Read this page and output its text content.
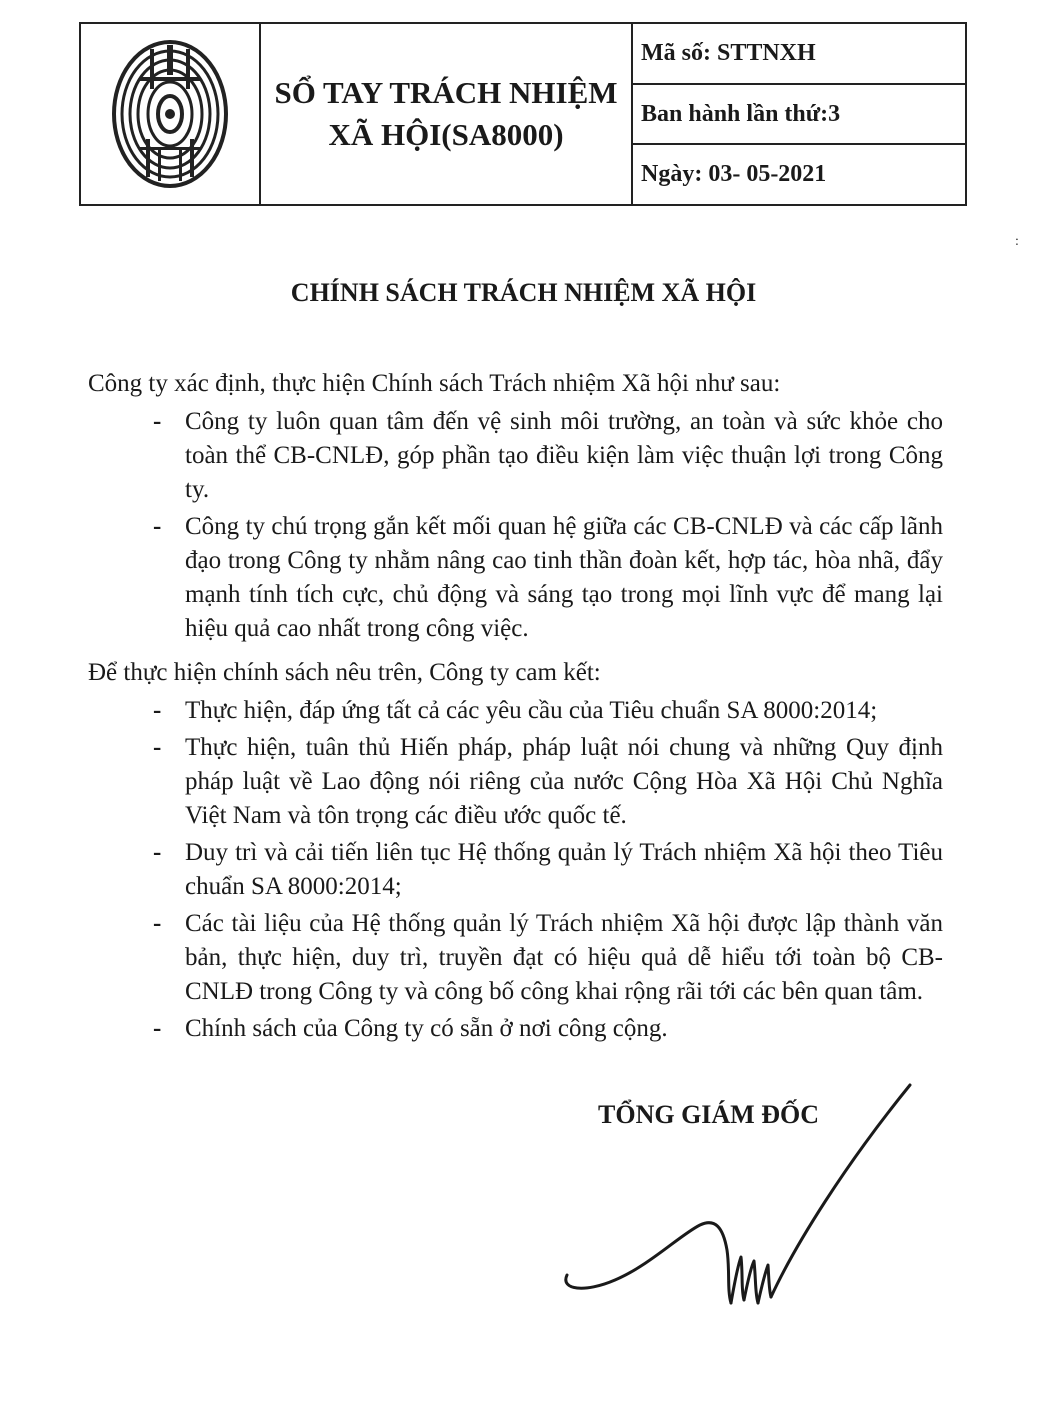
SỔ TAY TRÁCH NHIỆM
XÃ HỘI(SA8000)
Mã số: STTNXH
Ban hành lần thứ:3
Ngày: 03- 05-2021
:
CHÍNH SÁCH TRÁCH NHIỆM XÃ HỘI
Công ty xác định, thực hiện Chính sách Trách nhiệm Xã hội như sau:
- Công ty luôn quan tâm đến vệ sinh môi trường, an toàn và sức khỏe cho toàn thể CB-CNLĐ, góp phần tạo điều kiện làm việc thuận lợi trong Công ty.
- Công ty chú trọng gắn kết mối quan hệ giữa các CB-CNLĐ và các cấp lãnh đạo trong Công ty nhằm nâng cao tinh thần đoàn kết, hợp tác, hòa nhã, đẩy mạnh tính tích cực, chủ động và sáng tạo trong mọi lĩnh vực để mang lại hiệu quả cao nhất trong công việc.
Để thực hiện chính sách nêu trên, Công ty cam kết:
- Thực hiện, đáp ứng tất cả các yêu cầu của Tiêu chuẩn SA 8000:2014;
- Thực hiện, tuân thủ Hiến pháp, pháp luật nói chung và những Quy định pháp luật về Lao động nói riêng của nước Cộng Hòa Xã Hội Chủ Nghĩa Việt Nam và tôn trọng các điều ước quốc tế.
- Duy trì và cải tiến liên tục Hệ thống quản lý Trách nhiệm Xã hội theo Tiêu chuẩn SA 8000:2014;
- Các tài liệu của Hệ thống quản lý Trách nhiệm Xã hội được lập thành văn bản, thực hiện, duy trì, truyền đạt có hiệu quả dễ hiểu tới toàn bộ CB-CNLĐ trong Công ty và công bố công khai rộng rãi tới các bên quan tâm.
- Chính sách của Công ty có sẵn ở nơi công cộng.
TỔNG GIÁM ĐỐC
